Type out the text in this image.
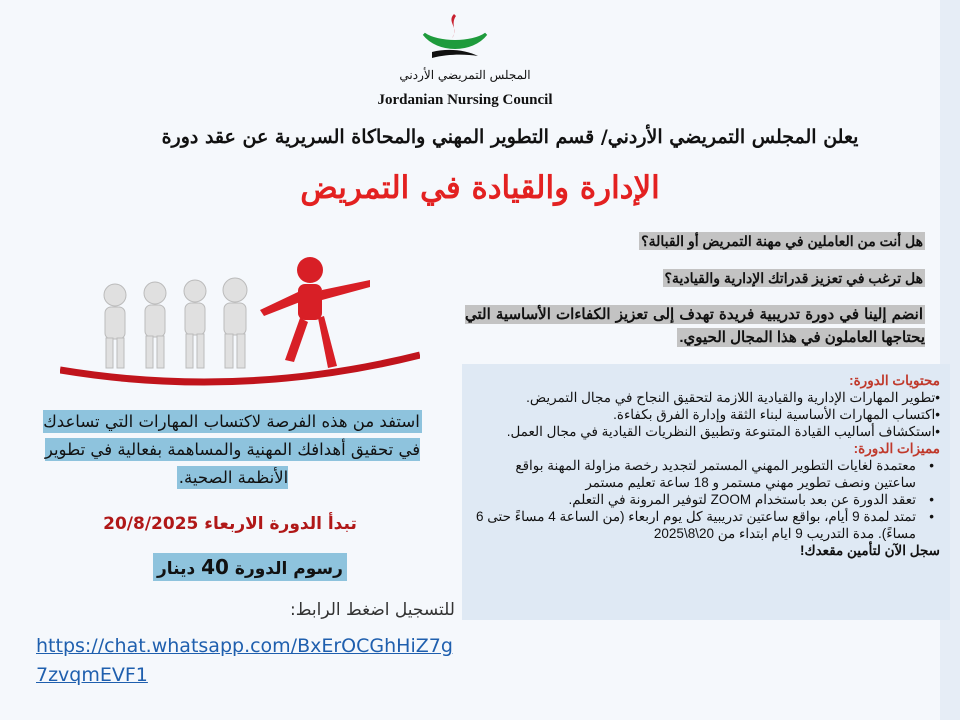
المجلس التمريضي الأردني
Jordanian Nursing Council
يعلن المجلس التمريضي الأردني/ قسم التطوير المهني والمحاكاة السريرية عن عقد دورة
الإدارة والقيادة في التمريض
هل أنت من العاملين في مهنة التمريض أو القبالة؟
هل ترغب في تعزيز قدراتك الإدارية والقيادية؟
انضم إلينا في دورة تدريبية فريدة تهدف إلى تعزيز الكفاءات الأساسية التي يحتاجها العاملون في هذا المجال الحيوي.
محتويات الدورة:
•تطوير المهارات الإدارية والقيادية اللازمة لتحقيق النجاح في مجال التمريض.
•اكتساب المهارات الأساسية لبناء الثقة وإدارة الفرق بكفاءة.
•استكشاف أساليب القيادة المتنوعة وتطبيق النظريات القيادية في مجال العمل.
مميزات الدورة:
• معتمدة لغايات التطوير المهني المستمر لتجديد رخصة مزاولة المهنة بواقع ساعتين ونصف تطوير مهني مستمر و 18 ساعة تعليم مستمر
• تعقد الدورة عن بعد باستخدام ZOOM لتوفير المرونة في التعلم.
• تمتد لمدة 9 أيام، بواقع ساعتين تدريبية كل يوم اربعاء (من الساعة 4 مساءً حتى 6 مساءً). مدة التدريب 9 ايام ابتداء من 20\8\2025
سجل الآن لتأمين مقعدك!
استفد من هذه الفرصة لاكتساب المهارات التي تساعدك في تحقيق أهدافك المهنية والمساهمة بفعالية في تطوير الأنظمة الصحية.
تبدأ الدورة الاربعاء 20/8/2025
رسوم الدورة 40 دينار
للتسجيل اضغط الرابط:
https://chat.whatsapp.com/BxErOCGhHiZ7g7zvqmEVF1
